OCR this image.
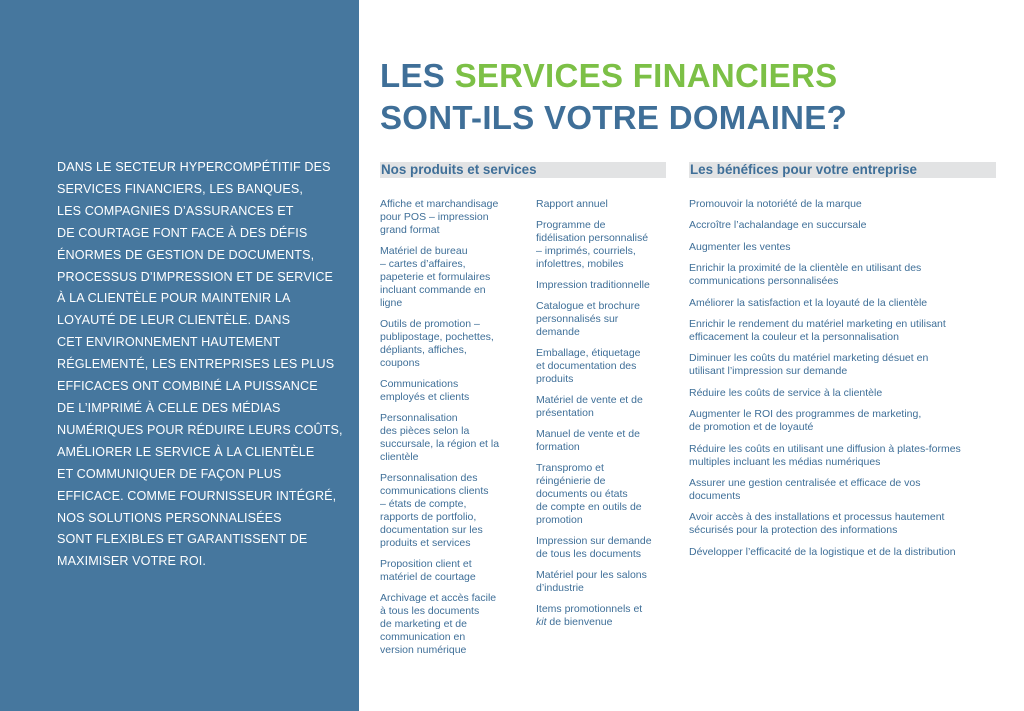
DANS LE SECTEUR HYPERCOMPÉTITIF DES
SERVICES FINANCIERS, LES BANQUES,
LES COMPAGNIES D’ASSURANCES ET
DE COURTAGE FONT FACE À DES DÉFIS
ÉNORMES DE GESTION DE DOCUMENTS,
PROCESSUS D’IMPRESSION ET DE SERVICE
À LA CLIENTÈLE POUR MAINTENIR LA
LOYAUTÉ DE LEUR CLIENTÈLE. DANS
CET ENVIRONNEMENT HAUTEMENT
RÉGLEMENTÉ, LES ENTREPRISES LES PLUS
EFFICACES ONT COMBINÉ LA PUISSANCE
DE L’IMPRIMÉ À CELLE DES MÉDIAS
NUMÉRIQUES POUR RÉDUIRE LEURS COÛTS,
AMÉLIORER LE SERVICE À LA CLIENTÈLE
ET COMMUNIQUER DE FAÇON PLUS
EFFICACE. COMME FOURNISSEUR INTÉGRÉ,
NOS SOLUTIONS PERSONNALISÉES
SONT FLEXIBLES ET GARANTISSENT DE
MAXIMISER VOTRE ROI.
LES SERVICES FINANCIERS
SONT-ILS VOTRE DOMAINE?
Nos produits et services	Les bénéfices pour votre entreprise
Affiche et marchandisage
pour POS – impression
grand format
Matériel de bureau
– cartes d’affaires,
papeterie et formulaires
incluant commande en
ligne
Outils de promotion –
publipostage, pochettes,
dépliants, affiches,
coupons
Communications
employés et clients
Personnalisation
des pièces selon la
succursale, la région et la
clientèle
Personnalisation des
communications clients
– états de compte,
rapports de portfolio,
documentation sur les
produits et services
Proposition client et
matériel de courtage
Archivage et accès facile
à tous les documents
de marketing et de
communication en
version numérique
Rapport annuel
Programme de
fidélisation personnalisé
– imprimés, courriels,
infolettres, mobiles
Impression traditionnelle
Catalogue et brochure
personnalisés sur
demande
Emballage, étiquetage
et documentation des
produits
Matériel de vente et de
présentation
Manuel de vente et de
formation
Transpromo et
réingénierie de
documents ou états
de compte en outils de
promotion
Impression sur demande
de tous les documents
Matériel pour les salons
d’industrie
Items promotionnels et
kit de bienvenue
Promouvoir la notoriété de la marque
Accroître l’achalandage en succursale
Augmenter les ventes
Enrichir la proximité de la clientèle en utilisant des
communications personnalisées
Améliorer la satisfaction et la loyauté de la clientèle
Enrichir le rendement du matériel marketing en utilisant
efficacement la couleur et la personnalisation
Diminuer les coûts du matériel marketing désuet en
utilisant l’impression sur demande
Réduire les coûts de service à la clientèle
Augmenter le ROI des programmes de marketing,
de promotion et de loyauté
Réduire les coûts en utilisant une diffusion à plates-formes
multiples incluant les médias numériques
Assurer une gestion centralisée et efficace de vos
documents
Avoir accès à des installations et processus hautement
sécurisés pour la protection des informations
Développer l’efficacité de la logistique et de la distribution
